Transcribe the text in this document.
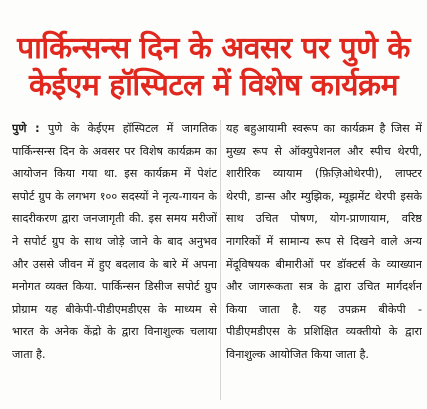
पार्किन्सन्स दिन के अवसर पर पुणे के
केईएम हॉस्पिटल में विशेष कार्यक्रम

पुणे : पुणे के केईएम हॉस्पिटल में जागतिक पार्किन्सन्स दिन के अवसर पर विशेष कार्यक्रम का आयोजन किया गया था. इस कार्यक्रम में पेशंट सपोर्ट ग्रुप के लगभग १०० सदस्यों ने नृत्य-गायन के सादरीकरण द्वारा जनजागृती की. इस समय मरीजों ने सपोर्ट ग्रुप के साथ जोड़े जाने के बाद अनुभव और उससे जीवन में हुए बदलाव के बारे में अपना मनोगत व्यक्त किया. पार्किन्सन डिसीज सपोर्ट ग्रुप प्रोग्राम यह बीकेपी-पीडीएमडीएस के माध्यम से भारत के अनेक केंद्रो के द्वारा विनाशुल्क चलाया जाता है.

यह बहुआयामी स्वरूप का कार्यक्रम है जिस में मुख्य रूप से ऑक्युपेशनल और स्पीच थेरपी, शारीरिक व्यायाम (फ़िज़िओथेरपी), लाफ्टर थेरपी, डान्स और म्युझिक, म्यूझमेंट थेरपी इसके साथ उचित पोषण, योग-प्राणायाम, वरिष्ठ नागरिकों में सामान्य रूप से दिखने वाले अन्य मेंदूविषयक बीमारीओं पर डॉक्टर्स के व्याख्यान और जागरूकता सत्र के द्वारा उचित मार्गदर्शन किया जाता है. यह उपक्रम बीकेपी - पीडीएमडीएस के प्रशिक्षित व्यक्तीयो के द्वारा विनाशुल्क आयोजित किया जाता है.
